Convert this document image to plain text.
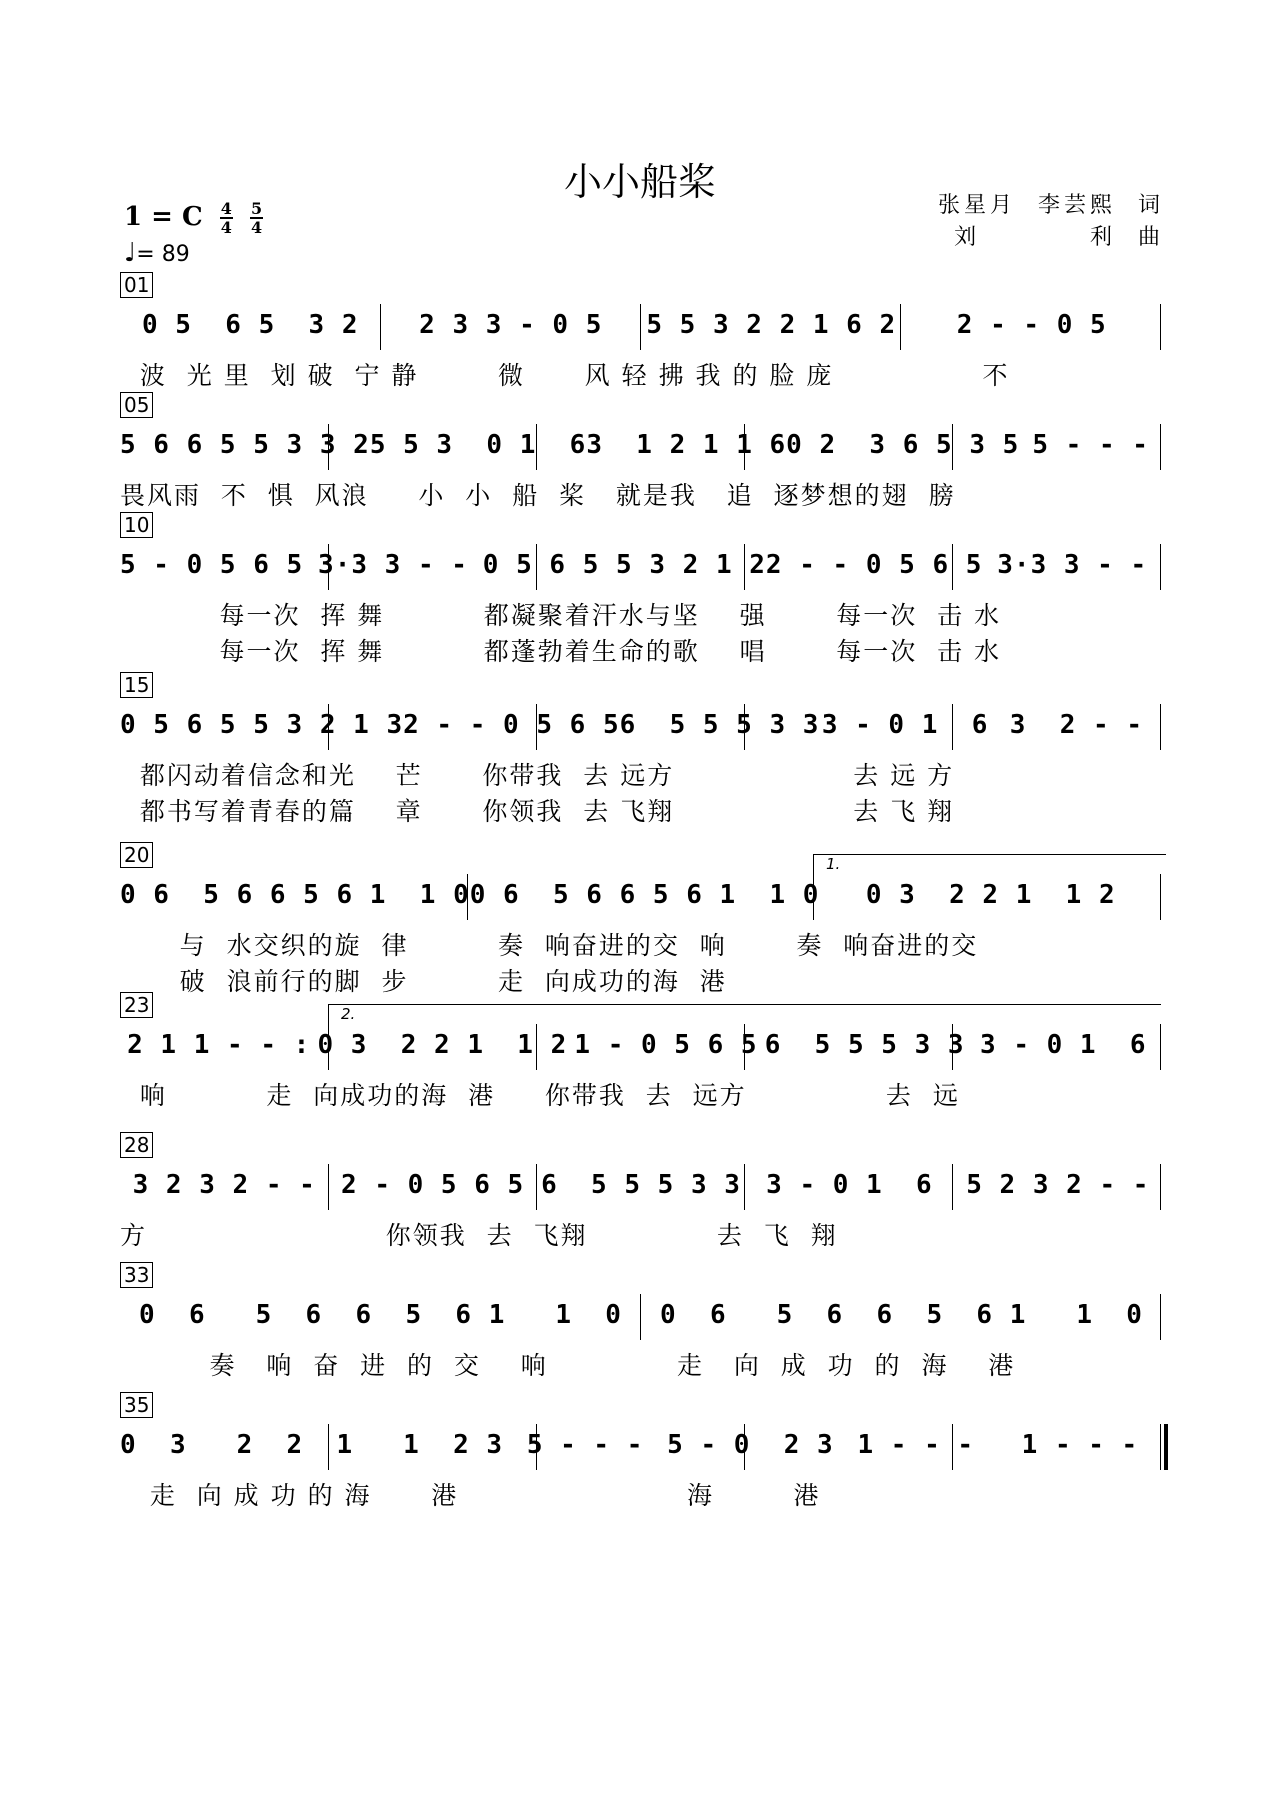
小小船桨
张星月  李芸熙  词
刘          利  曲
1 = C $\frac{4}{4}$
$\frac{5}{4}$
♩= 89
01
0 5  6 5  3 2	2 3 3 - 0 5	5 5 3 2 2 1 6 2	2 - - 0 5
波  光 里  划 破  宁 静        微      风 轻 拂 我 的 脸 庞               不
05
5 6 6 5 5 3 3 2 5 5 3  0 1  6 3  1 2 1 1 6 0 2  3 6 5 3 5 5 - - -
畏风雨  不  惧  风浪     小  小  船  桨   就是我   追  逐梦想的翅  膀
10
5 - 0 5 6 5 3·3 3 - - 0 5 6 5 5 3 2 1 2 2 - - 0 5 6 5 3·3 3 - -
每一次  挥 舞          都凝聚着汗水与坚    强       每一次  击 水
每一次  挥 舞          都蓬勃着生命的歌    唱       每一次  击 水
15
0 5 6 5 5 3 2 1 3 2 - - 0 5 6 5 6  5 5 5 3 3 3 - 0 1  6 3  2 - -
都闪动着信念和光    芒      你带我  去 远方                  去 远 方
都书写着青春的篇    章      你领我  去 飞翔                  去 飞 翔
20
0 6  5 6 6 5 6 1  1 0 0 6  5 6 6 5 6 1  1 0	0 3  2 2 1  1 2
1.
与  水交织的旋  律         奏  响奋进的交  响       奏  响奋进的交
破  浪前行的脚  步         走  向成功的海  港
23
2 1 1 - - : 0 3  2 2 1  1 2 1 - 0 5 6 5 6  5 5 5 3 3 3 - 0 1  6
2.
响          走  向成功的海  港     你带我  去  远方              去  远
28
3 2 3 2 - - 2 - 0 5 6 5 6  5 5 5 3 3 3 - 0 1  6	5 2 3 2 - -
方                        你领我  去  飞翔             去  飞  翔
33
0  6   5  6  6  5  6 1   1  0	0  6   5  6  6  5  6 1   1  0
奏   响  奋  进  的  交    响             走   向  成  功  的  海    港
35
0  3   2  2  1   1  2 3 5 - - - 5 - 0  2 3 1 - - -	1 - - -
走  向 成 功 的 海      港                       海        港
